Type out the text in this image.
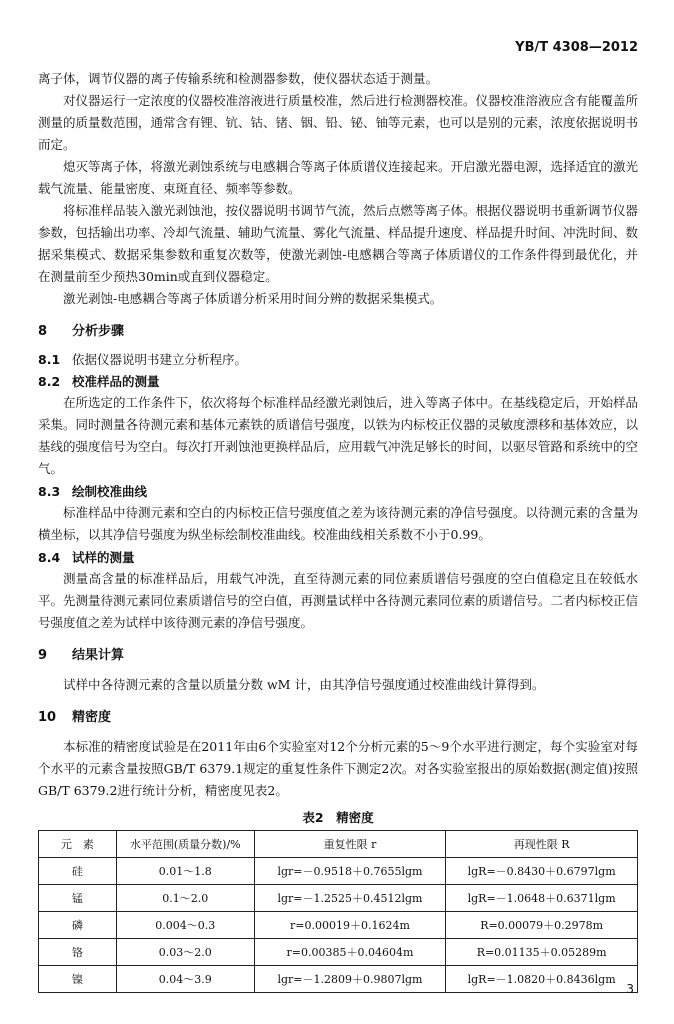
YB/T 4308—2012

离子体，调节仪器的离子传输系统和检测器参数，使仪器状态适于测量。

对仪器运行一定浓度的仪器校准溶液进行质量校准，然后进行检测器校准。仪器校准溶液应含有能覆盖所测量的质量数范围，通常含有锂、钪、钴、锗、铟、铅、铋、铀等元素，也可以是别的元素，浓度依据说明书而定。

熄灭等离子体，将激光剥蚀系统与电感耦合等离子体质谱仪连接起来。开启激光器电源，选择适宜的激光载气流量、能量密度、束斑直径、频率等参数。

将标准样品装入激光剥蚀池，按仪器说明书调节气流，然后点燃等离子体。根据仪器说明书重新调节仪器参数，包括输出功率、冷却气流量、辅助气流量、雾化气流量、样品提升速度、样品提升时间、冲洗时间、数据采集模式、数据采集参数和重复次数等，使激光剥蚀-电感耦合等离子体质谱仪的工作条件得到最优化，并在测量前至少预热30min或直到仪器稳定。

激光剥蚀-电感耦合等离子体质谱分析采用时间分辨的数据采集模式。

8 分析步骤
8.1 依据仪器说明书建立分析程序。
8.2 校准样品的测量

在所选定的工作条件下，依次将每个标准样品经激光剥蚀后，进入等离子体中。在基线稳定后，开始样品采集。同时测量各待测元素和基体元素铁的质谱信号强度，以铁为内标校正仪器的灵敏度漂移和基体效应，以基线的强度信号为空白。每次打开剥蚀池更换样品后，应用载气冲洗足够长的时间，以驱尽管路和系统中的空气。

8.3 绘制校准曲线

标准样品中待测元素和空白的内标校正信号强度值之差为该待测元素的净信号强度。以待测元素的含量为横坐标，以其净信号强度为纵坐标绘制校准曲线。校准曲线相关系数不小于0.99。

8.4 试样的测量

测量高含量的标准样品后，用载气冲洗，直至待测元素的同位素质谱信号强度的空白值稳定且在较低水平。先测量待测元素同位素质谱信号的空白值，再测量试样中各待测元素同位素的质谱信号。二者内标校正信号强度值之差为试样中该待测元素的净信号强度。

9 结果计算

试样中各待测元素的含量以质量分数 wM 计，由其净信号强度通过校准曲线计算得到。

10 精密度

本标准的精密度试验是在2011年由6个实验室对12个分析元素的5～9个水平进行测定，每个实验室对每个水平的元素含量按照GB/T 6379.1规定的重复性条件下测定2次。对各实验室报出的原始数据(测定值)按照GB/T 6379.2进行统计分析，精密度见表2。

表2　精密度
元　素	水平范围(质量分数)/%	重复性限 r	再现性限 R
硅	0.01～1.8	lgr=－0.9518＋0.7655lgm	lgR=－0.8430＋0.6797lgm
锰	0.1～2.0	lgr=－1.2525＋0.4512lgm	lgR=－1.0648＋0.6371lgm
磷	0.004～0.3	r=0.00019＋0.1624m	R=0.00079＋0.2978m
铬	0.03～2.0	r=0.00385＋0.04604m	R=0.01135＋0.05289m
镍	0.04～3.9	lgr=－1.2809＋0.9807lgm	lgR=－1.0820＋0.8436lgm
3
